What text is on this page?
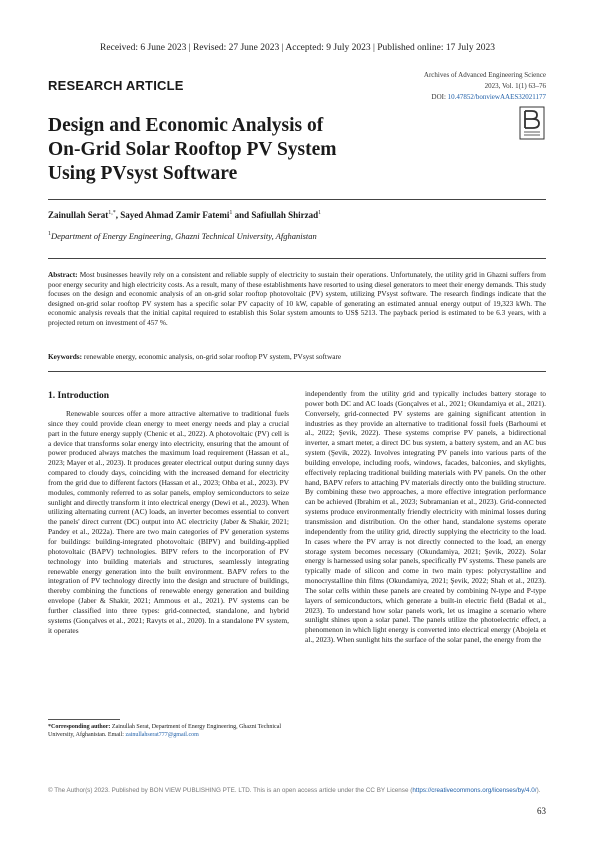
Received: 6 June 2023 | Revised: 27 June 2023 | Accepted: 9 July 2023 | Published online: 17 July 2023
RESEARCH ARTICLE
Archives of Advanced Engineering Science
2023, Vol. 1(1) 63–76
DOI: 10.47852/bonviewAAES32021177
Design and Economic Analysis of
On-Grid Solar Rooftop PV System
Using PVsyst Software
Zainullah Serat$^{1,*}$, Sayed Ahmad Zamir Fatemi$^1$ and Safiullah Shirzad$^1$
$^1$Department of Energy Engineering, Ghazni Technical University, Afghanistan
Abstract: Most businesses heavily rely on a consistent and reliable supply of electricity to sustain their operations. Unfortunately, the utility grid in Ghazni suffers from poor energy security and high electricity costs. As a result, many of these establishments have resorted to using diesel generators to meet their energy demands. This study focuses on the design and economic analysis of an on-grid solar rooftop photovoltaic (PV) system, utilizing PVsyst software. The research findings indicate that the designed on-grid solar rooftop PV system has a specific solar PV capacity of 10 kW, capable of generating an estimated annual energy output of 19,323 kWh. The economic analysis reveals that the initial capital required to establish this Solar system amounts to US$ 5213. The payback period is estimated to be 6.3 years, with a projected return on investment of 457 %.
Keywords: renewable energy, economic analysis, on-grid solar rooftop PV system, PVsyst software
1. Introduction
Renewable sources offer a more attractive alternative to traditional fuels since they could provide clean energy to meet energy needs and play a crucial part in the future energy supply (Chenic et al., 2022). A photovoltaic (PV) cell is a device that transforms solar energy into electricity, ensuring that the amount of power produced always matches the maximum load requirement (Hassan et al., 2023; Mayer et al., 2023). It produces greater electrical output during sunny days compared to cloudy days, coinciding with the increased demand for electricity from the grid due to different factors (Hassan et al., 2023; Ohba et al., 2023). PV modules, commonly referred to as solar panels, employ semiconductors to seize sunlight and directly transform it into electrical energy (Dewi et al., 2023). When utilizing alternating current (AC) loads, an inverter becomes essential to convert the panels' direct current (DC) output into AC electricity (Jaber & Shakir, 2021; Pandey et al., 2022a). There are two main categories of PV generation systems for buildings: building-integrated photovoltaic (BIPV) and building-applied photovoltaic (BAPV) technologies. BIPV refers to the incorporation of PV technology into building materials and structures, seamlessly integrating renewable energy generation into the built environment. BAPV refers to the integration of PV technology directly into the design and structure of buildings, thereby combining the functions of renewable energy generation and building envelope (Jaber & Shakir, 2021; Ammous et al., 2021). PV systems can be further classified into three types: grid-connected, standalone, and hybrid systems (Gonçalves et al., 2021; Ravyts et al., 2020). In a standalone PV system, it operates
independently from the utility grid and typically includes battery storage to power both DC and AC loads (Gonçalves et al., 2021; Okundamiya et al., 2021). Conversely, grid-connected PV systems are gaining significant attention in industries as they provide an alternative to traditional fossil fuels (Barhoumi et al., 2022; Şevik, 2022). These systems comprise PV panels, a bidirectional inverter, a smart meter, a direct DC bus system, a battery system, and an AC bus system (Şevik, 2022). Involves integrating PV panels into various parts of the building envelope, including roofs, windows, facades, balconies, and skylights, effectively replacing traditional building materials with PV panels. On the other hand, BAPV refers to attaching PV materials directly onto the building structure. By combining these two approaches, a more effective integration performance can be achieved (Ibrahim et al., 2023; Subramanian et al., 2023). Grid-connected systems produce environmentally friendly electricity with minimal losses during transmission and distribution. On the other hand, standalone systems operate independently from the utility grid, directly supplying the electricity to the load. In cases where the PV array is not directly connected to the load, an energy storage system becomes necessary (Okundamiya, 2021; Şevik, 2022). Solar energy is harnessed using solar panels, specifically PV systems. These panels are typically made of silicon and come in two main types: polycrystalline and monocrystalline thin films (Okundamiya, 2021; Şevik, 2022; Shah et al., 2023). The solar cells within these panels are created by combining N-type and P-type layers of semiconductors, which generate a built-in electric field (Badal et al., 2023). To understand how solar panels work, let us imagine a scenario where sunlight shines upon a solar panel. The panels utilize the photoelectric effect, a phenomenon in which light energy is converted into electrical energy (Abojela et al., 2023). When sunlight hits the surface of the solar panel, the energy from the
*Corresponding author: Zainullah Serat, Department of Energy Engineering, Ghazni Technical University, Afghanistan. Email: zainullahserat777@gmail.com
© The Author(s) 2023. Published by BON VIEW PUBLISHING PTE. LTD. This is an open access article under the CC BY License (https://creativecommons.org/licenses/by/4.0/).
63
